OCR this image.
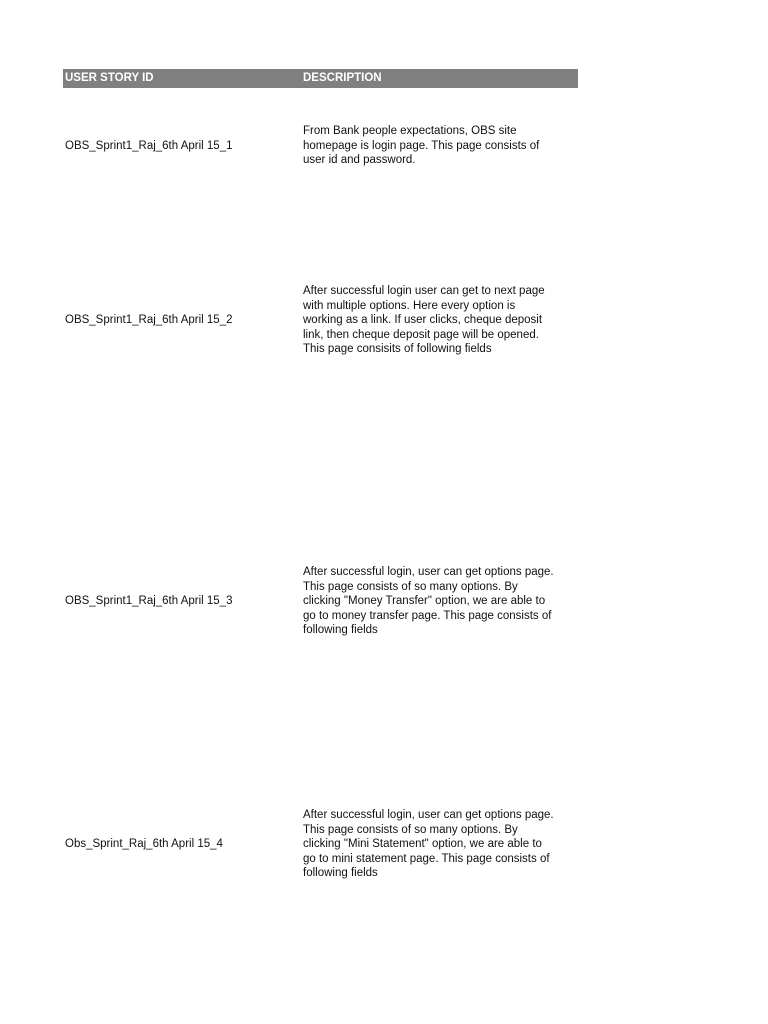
USER STORY ID	DESCRIPTION
OBS_Sprint1_Raj_6th April 15_1
From Bank people expectations, OBS site
homepage is login page. This page consists of
user id and password.
OBS_Sprint1_Raj_6th April 15_2
After successful login user can get to next page
with multiple options. Here every option is
working as a link. If user clicks, cheque deposit
link, then cheque deposit page will be opened.
This page consisits of following fields
OBS_Sprint1_Raj_6th April 15_3
After successful login, user can get options page.
This page consists of so many options. By
clicking "Money Transfer" option, we are able to
go to money transfer page. This page consists of
following fields
Obs_Sprint_Raj_6th April 15_4
After successful login, user can get options page.
This page consists of so many options. By
clicking "Mini Statement" option, we are able to
go to mini statement page. This page consists of
following fields
